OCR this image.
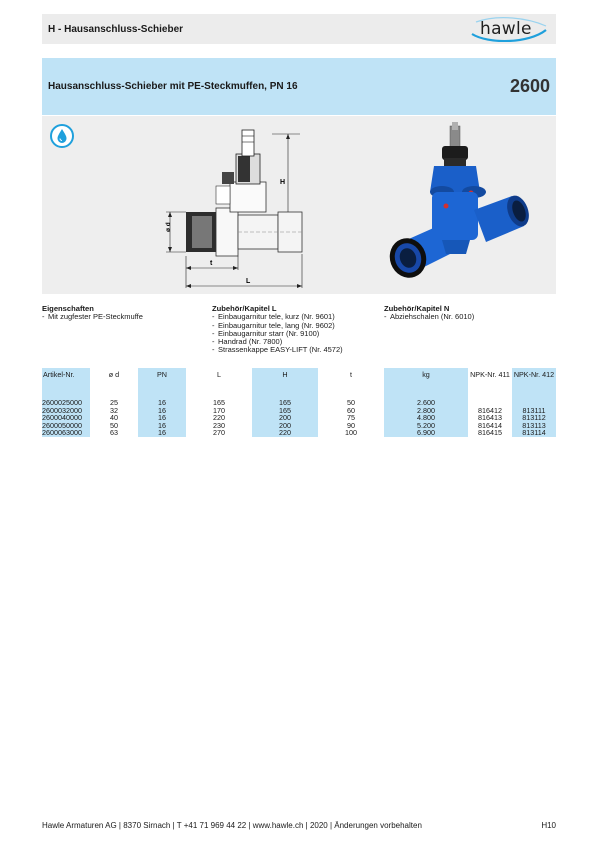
H - Hausanschluss-Schieber	hawle
Hausanschluss-Schieber mit PE-Steckmuffen, PN 16	2600
H
ø d
t
L
Eigenschaften
- Mit zugfester PE-Steckmuffe
Zubehör/Kapitel L
- Einbaugarnitur tele, kurz (Nr. 9601)
- Einbaugarnitur tele, lang (Nr. 9602)
- Einbaugarnitur starr (Nr. 9100)
- Handrad (Nr. 7800)
- Strassenkappe EASY-LIFT (Nr. 4572)
Zubehör/Kapitel N
- Abziehschalen (Nr. 6010)
Artikel-Nr.	ø d	PN	L	H	t	kg	NPK-Nr. 411	NPK-Nr. 412

2600025000	25	16	165	165	50	2.600		
2600032000	32	16	170	165	60	2.800	816412	813111
2600040000	40	16	220	200	75	4.800	816413	813112
2600050000	50	16	230	200	90	5.200	816414	813113
2600063000	63	16	270	220	100	6.900	816415	813114
Hawle Armaturen AG | 8370 Sirnach | T +41 71 969 44 22 | www.hawle.ch | 2020 | Änderungen vorbehalten	H10
